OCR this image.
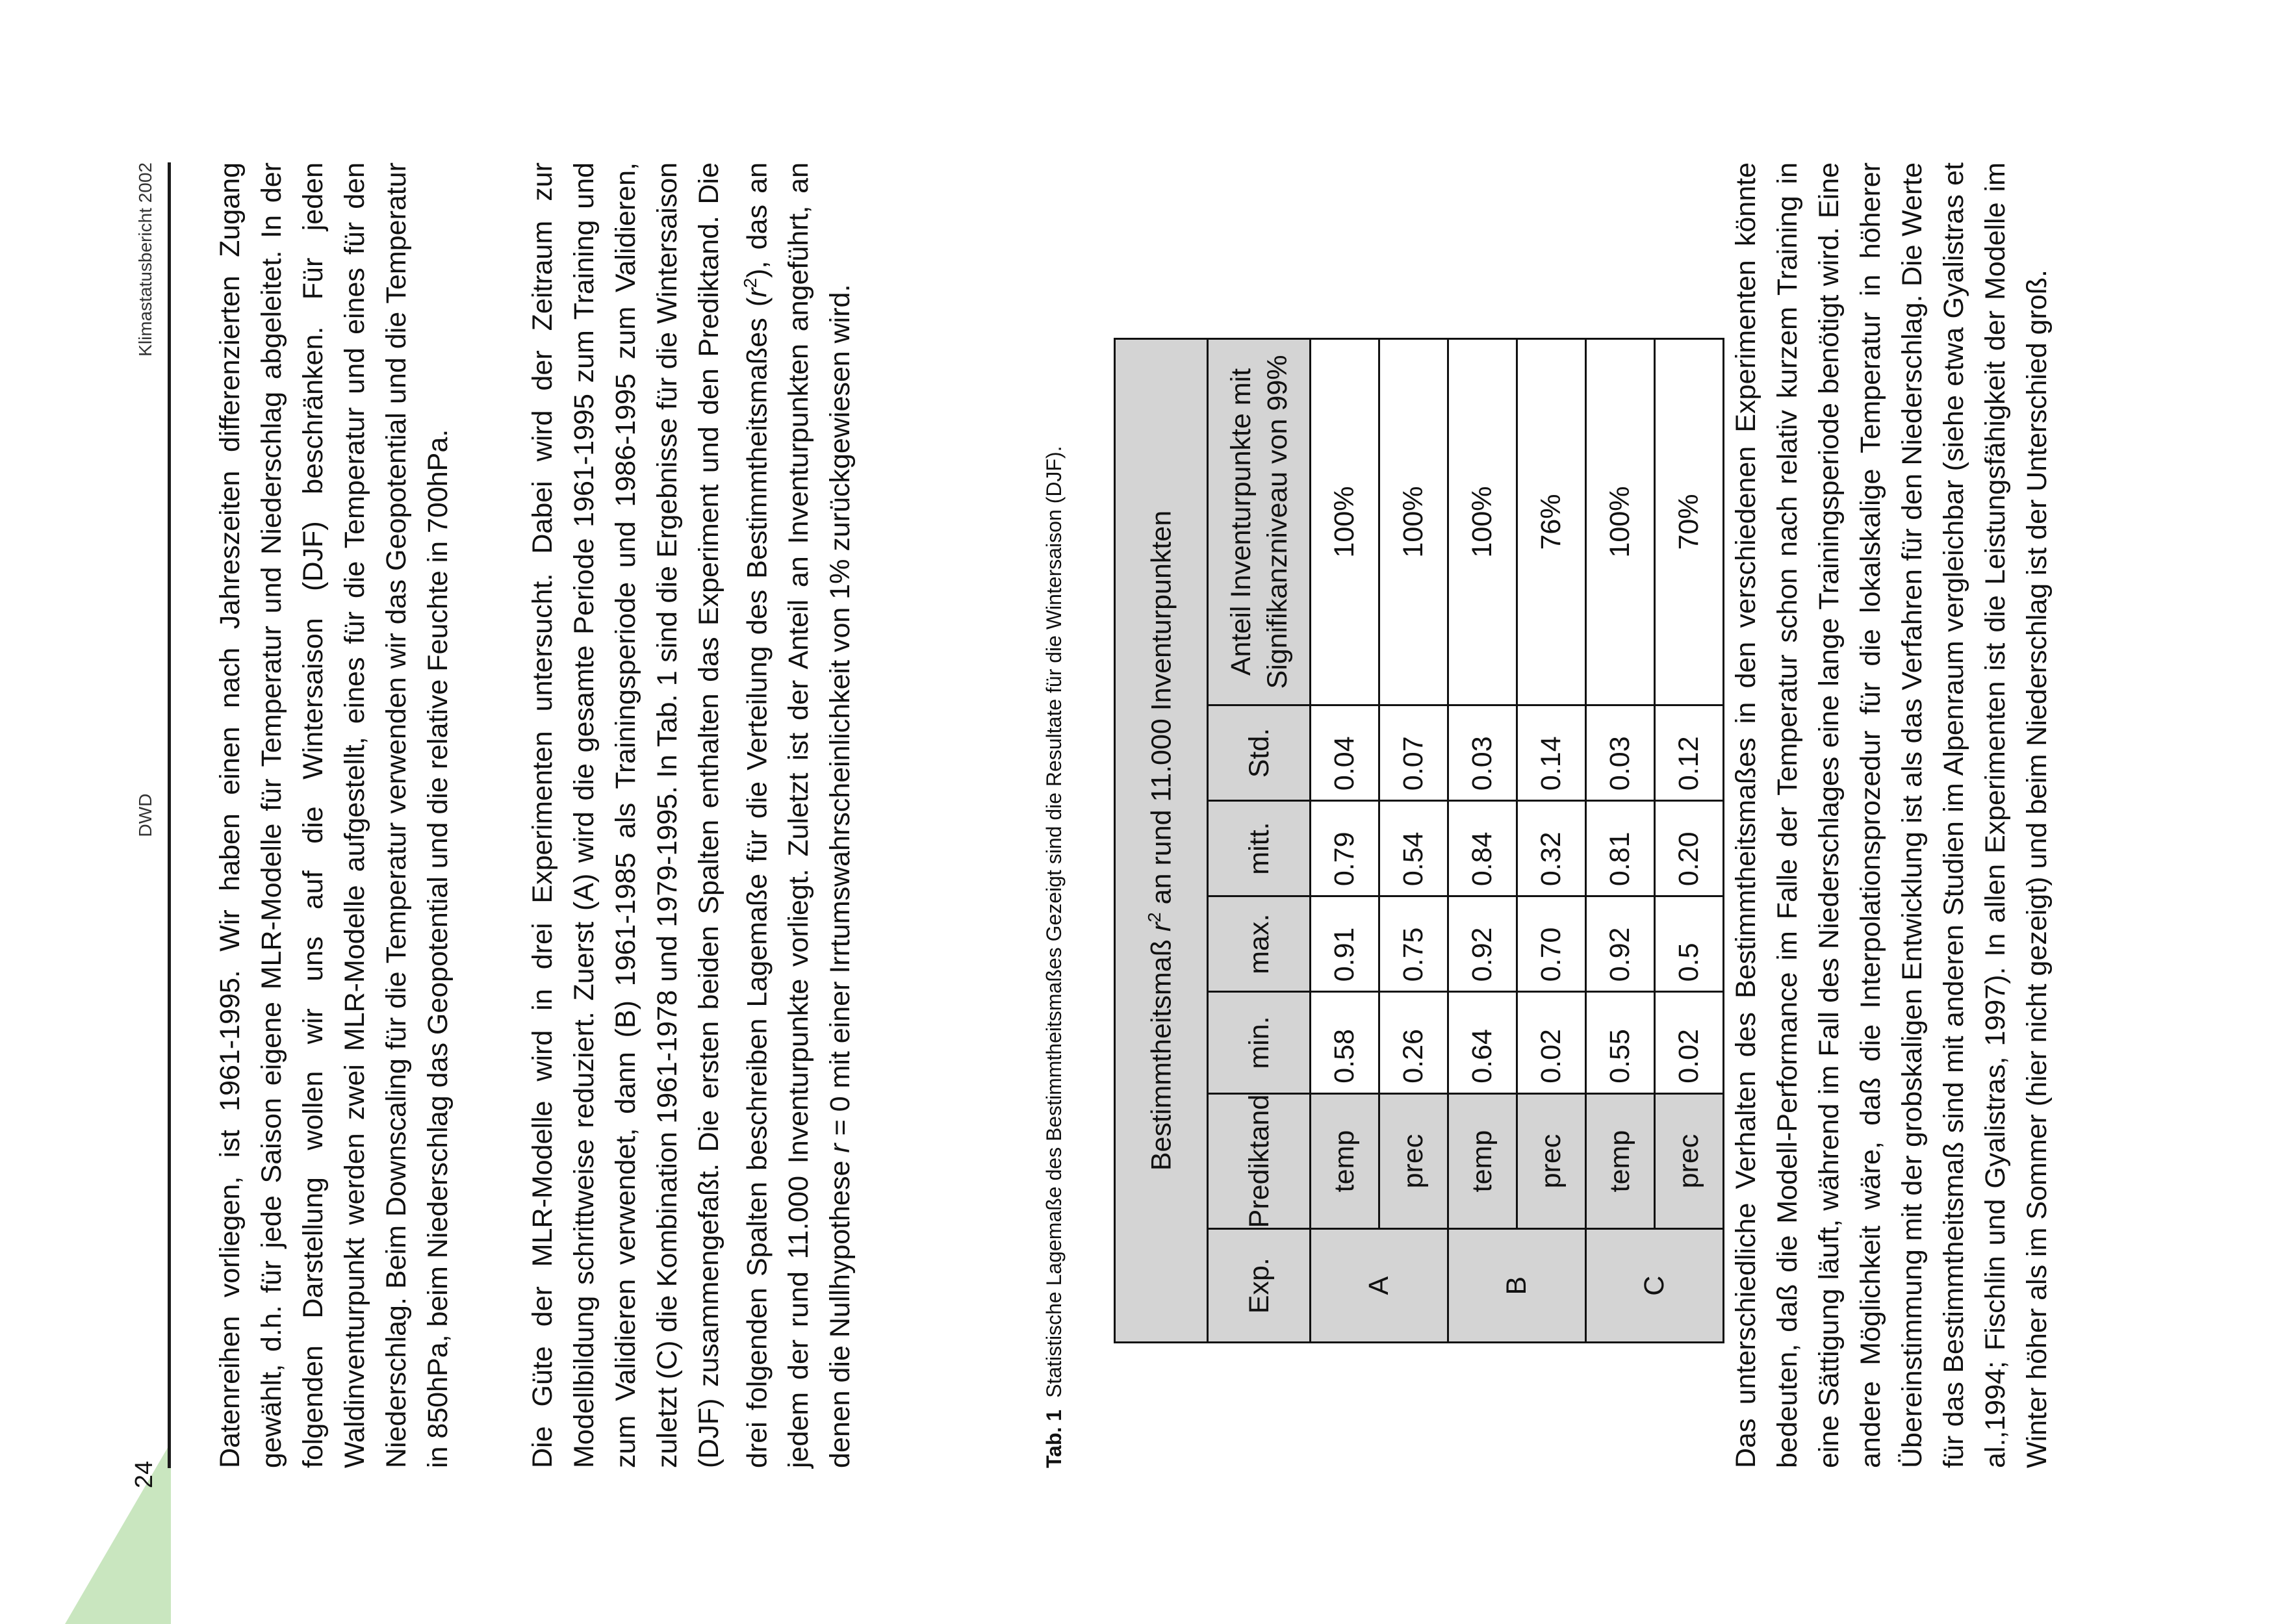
24
DWD
Klimastatusbericht 2002	Datenreihen vorliegen, ist 1961-1995. Wir haben einen nach Jahreszeiten differenzierten Zugang gewählt, d.h. für jede Saison eigene MLR-Modelle für Temperatur und Niederschlag abgeleitet. In der folgenden Darstellung wollen wir uns auf die Wintersaison (DJF) beschränken. Für jeden Waldinventurpunkt werden zwei MLR-Modelle aufgestellt, eines für die Temperatur und eines für den Niederschlag. Beim Downscaling für die Temperatur verwenden wir das Geopotential und die Temperatur in 850hPa, beim Niederschlag das Geopotential und die relative Feuchte in 700hPa.	Die Güte der MLR-Modelle wird in drei Experimenten untersucht. Dabei wird der Zeitraum zur Modellbildung schrittweise reduziert. Zuerst (A) wird die gesamte Periode 1961-1995 zum Training und zum Validieren verwendet, dann (B) 1961-1985 als Trainingsperiode und 1986-1995 zum Validieren, zuletzt (C) die Kombination 1961-1978 und 1979-1995. In Tab. 1 sind die Ergebnisse für die Wintersaison (DJF) zusammengefaßt. Die ersten beiden Spalten enthalten das Experiment und den Prediktand. Die drei folgenden Spalten beschreiben Lagemaße für die Verteilung des Bestimmtheitsmaßes $(r^2)$, das an jedem der rund 11.000 Inventurpunkte vorliegt. Zuletzt ist der Anteil an Inventurpunkten angeführt, an denen die Nullhypothese r = 0 mit einer Irrtumswahrscheinlichkeit von 1% zurückgewiesen wird.

Tab. 1Statistische Lagemaße des Bestimmtheitsmaßes Gezeigt sind die Resultate für die Wintersaison (DJF).	Bestimmtheitsmaß $r^2$ an rund 11.000 Inventurpunkten						
Exp.	Prediktand	min.	max.	mitt.	Std.	Anteil Inventurpunkte mit Signifikanzniveau von 99%
A	temp	0.58	0.91	0.79	0.04	100%
	prec	0.26	0.75	0.54	0.07	100%
B	temp	0.64	0.92	0.84	0.03	100%
	prec	0.02	0.70	0.32	0.14	76%
C	temp	0.55	0.92	0.81	0.03	100%
	prec	0.02	0.5	0.20	0.12	70% Das unterschiedliche Verhalten des Bestimmtheitsmaßes in den verschiedenen Experimenten könnte bedeuten, daß die Modell-Performance im Falle der Temperatur schon nach relativ kurzem Training in eine Sättigung läuft, während im Fall des Niederschlages eine lange Trainingsperiode benötigt wird. Eine andere Möglichkeit wäre, daß die Interpolationsprozedur für die lokalskalige Temperatur in höherer Übereinstimmung mit der grobskaligen Entwicklung ist als das Verfahren für den Niederschlag. Die Werte für das Bestimmtheitsmaß sind mit anderen Studien im Alpenraum vergleichbar (siehe etwa Gyalistras et al.,1994; Fischlin und Gyalistras, 1997). In allen Experimenten ist die Leistungsfähigkeit der Modelle im Winter höher als im Sommer (hier nicht gezeigt) und beim Niederschlag ist der Unterschied groß.
